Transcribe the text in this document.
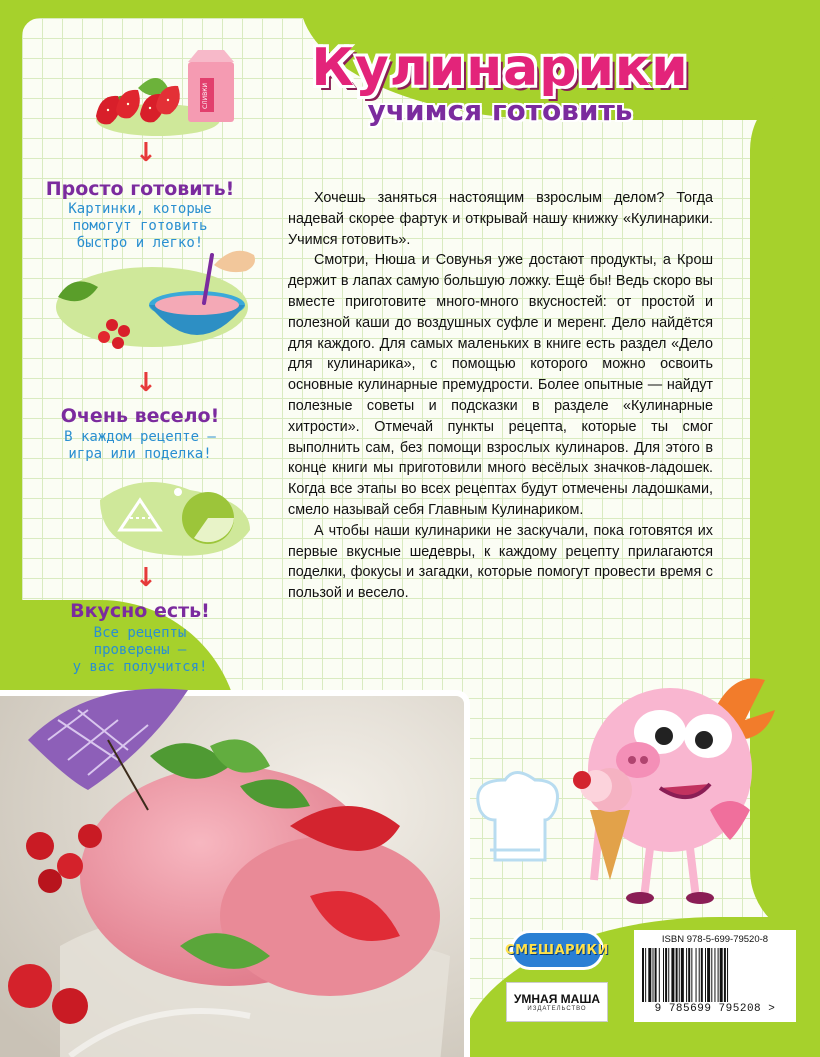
Кулинарики
учимся готовить
СЛИВКИ
↓
Просто готовить!
Картинки, которые
помогут готовить
быстро и легко!
↓
Очень весело!
В каждом рецепте —
игра или поделка!
↓
Вкусно есть!
Все рецепты
проверены —
у вас получится!

Хочешь заняться настоящим взрослым делом? Тогда надевай скорее фартук и открывай нашу книжку «Кулинарики. Учимся готовить».

Смотри, Нюша и Совунья уже достают продукты, а Крош держит в лапах самую большую ложку. Ещё бы! Ведь скоро вы вместе приготовите много-много вкусностей: от простой и полезной каши до воздушных суфле и меренг. Дело найдётся для каждого. Для самых маленьких в книге есть раздел «Дело для кулинарика», с помощью которого можно освоить основные кулинарные премудрости. Более опытные — найдут полезные советы и подсказки в разделе «Кулинарные хитрости». Отмечай пункты рецепта, которые ты смог выполнить сам, без помощи взрослых кулинаров. Для этого в конце книги мы приготовили много весёлых значков-ладошек. Когда все этапы во всех рецептах будут отмечены ладошками, смело называй себя Главным Кулинариком.

А чтобы наши кулинарики не заскучали, пока готовятся их первые вкусные шедевры, к каждому рецепту прилагаются поделки, фокусы и загадки, которые помогут провести время с пользой и весело.

СМЕШАРИКИ
УМНАЯ МАША
ИЗДАТЕЛЬСТВО
ISBN 978-5-699-79520-8
9 785699 795208 >
